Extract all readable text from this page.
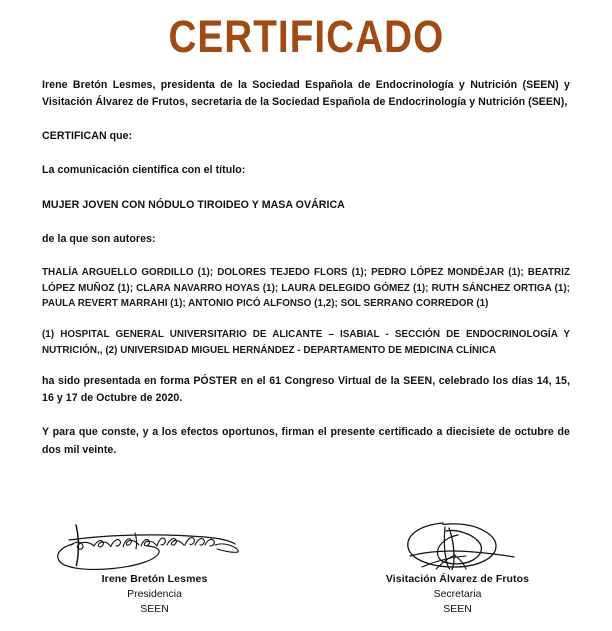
CERTIFICADO

Irene Bretón Lesmes, presidenta de la Sociedad Española de Endocrinología y Nutrición (SEEN) y Visitación Álvarez de Frutos, secretaria de la Sociedad Española de Endocrinología y Nutrición (SEEN),

CERTIFICAN que:

La comunicación científica con el título:

MUJER JOVEN CON NÓDULO TIROIDEO Y MASA OVÁRICA

de la que son autores:

THALÍA ARGUELLO GORDILLO (1); DOLORES TEJEDO FLORS (1); PEDRO LÓPEZ MONDÉJAR (1); BEATRIZ LÓPEZ MUÑOZ (1); CLARA NAVARRO HOYAS (1); LAURA DELEGIDO GÓMEZ (1); RUTH SÁNCHEZ ORTIGA (1); PAULA REVERT MARRAHI (1); ANTONIO PICÓ ALFONSO (1,2); SOL SERRANO CORREDOR (1)

(1) HOSPITAL GENERAL UNIVERSITARIO DE ALICANTE – ISABIAL - SECCIÓN DE ENDOCRINOLOGÍA Y NUTRICIÓN,, (2) UNIVERSIDAD MIGUEL HERNÁNDEZ - DEPARTAMENTO DE MEDICINA CLÍNICA

ha sido presentada en forma PÓSTER en el 61 Congreso Virtual de la SEEN, celebrado los días 14, 15, 16 y 17 de Octubre de 2020.

Y para que conste, y a los efectos oportunos, firman el presente certificado a diecisiete de octubre de dos mil veinte.

Irene Bretón Lesmes
Presidencia
SEEN
Visitación Álvarez de Frutos
Secretaria
SEEN
